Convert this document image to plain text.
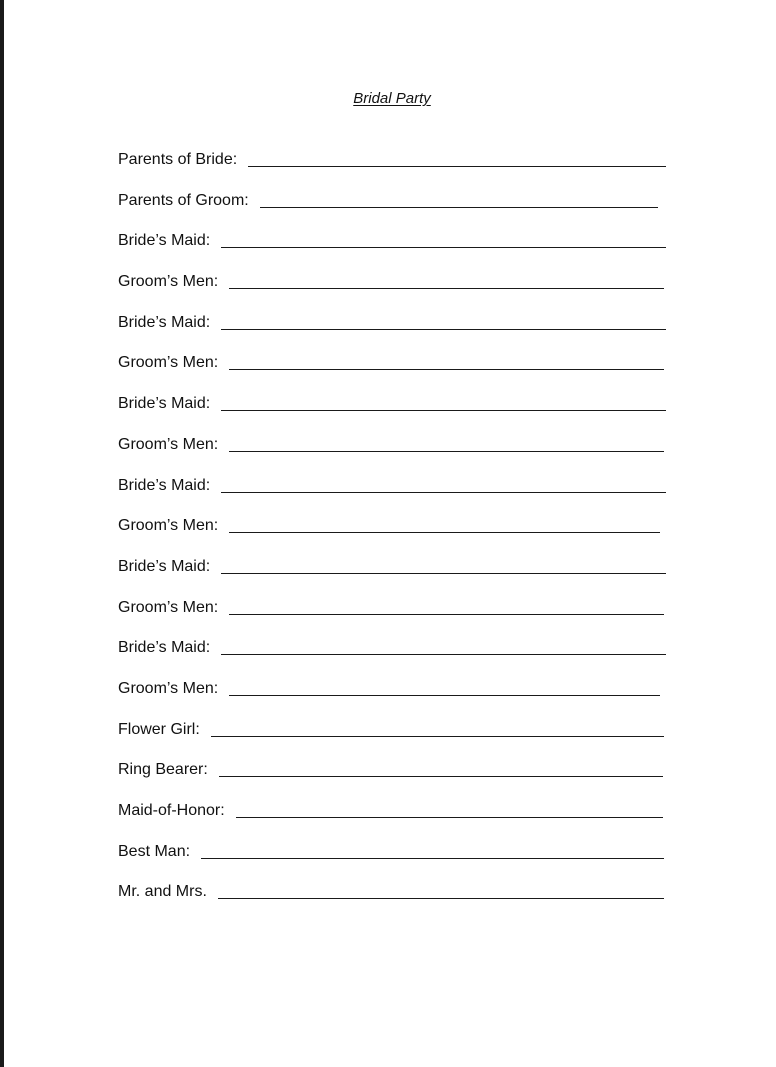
Bridal Party
Parents of Bride:
Parents of Groom:
Bride’s Maid:
Groom’s Men:
Bride’s Maid:
Groom’s Men:
Bride’s Maid:
Groom’s Men:
Bride’s Maid:
Groom’s Men:
Bride’s Maid:
Groom’s Men:
Bride’s Maid:
Groom’s Men:
Flower Girl:
Ring Bearer:
Maid-of-Honor:
Best Man:
Mr. and Mrs.
